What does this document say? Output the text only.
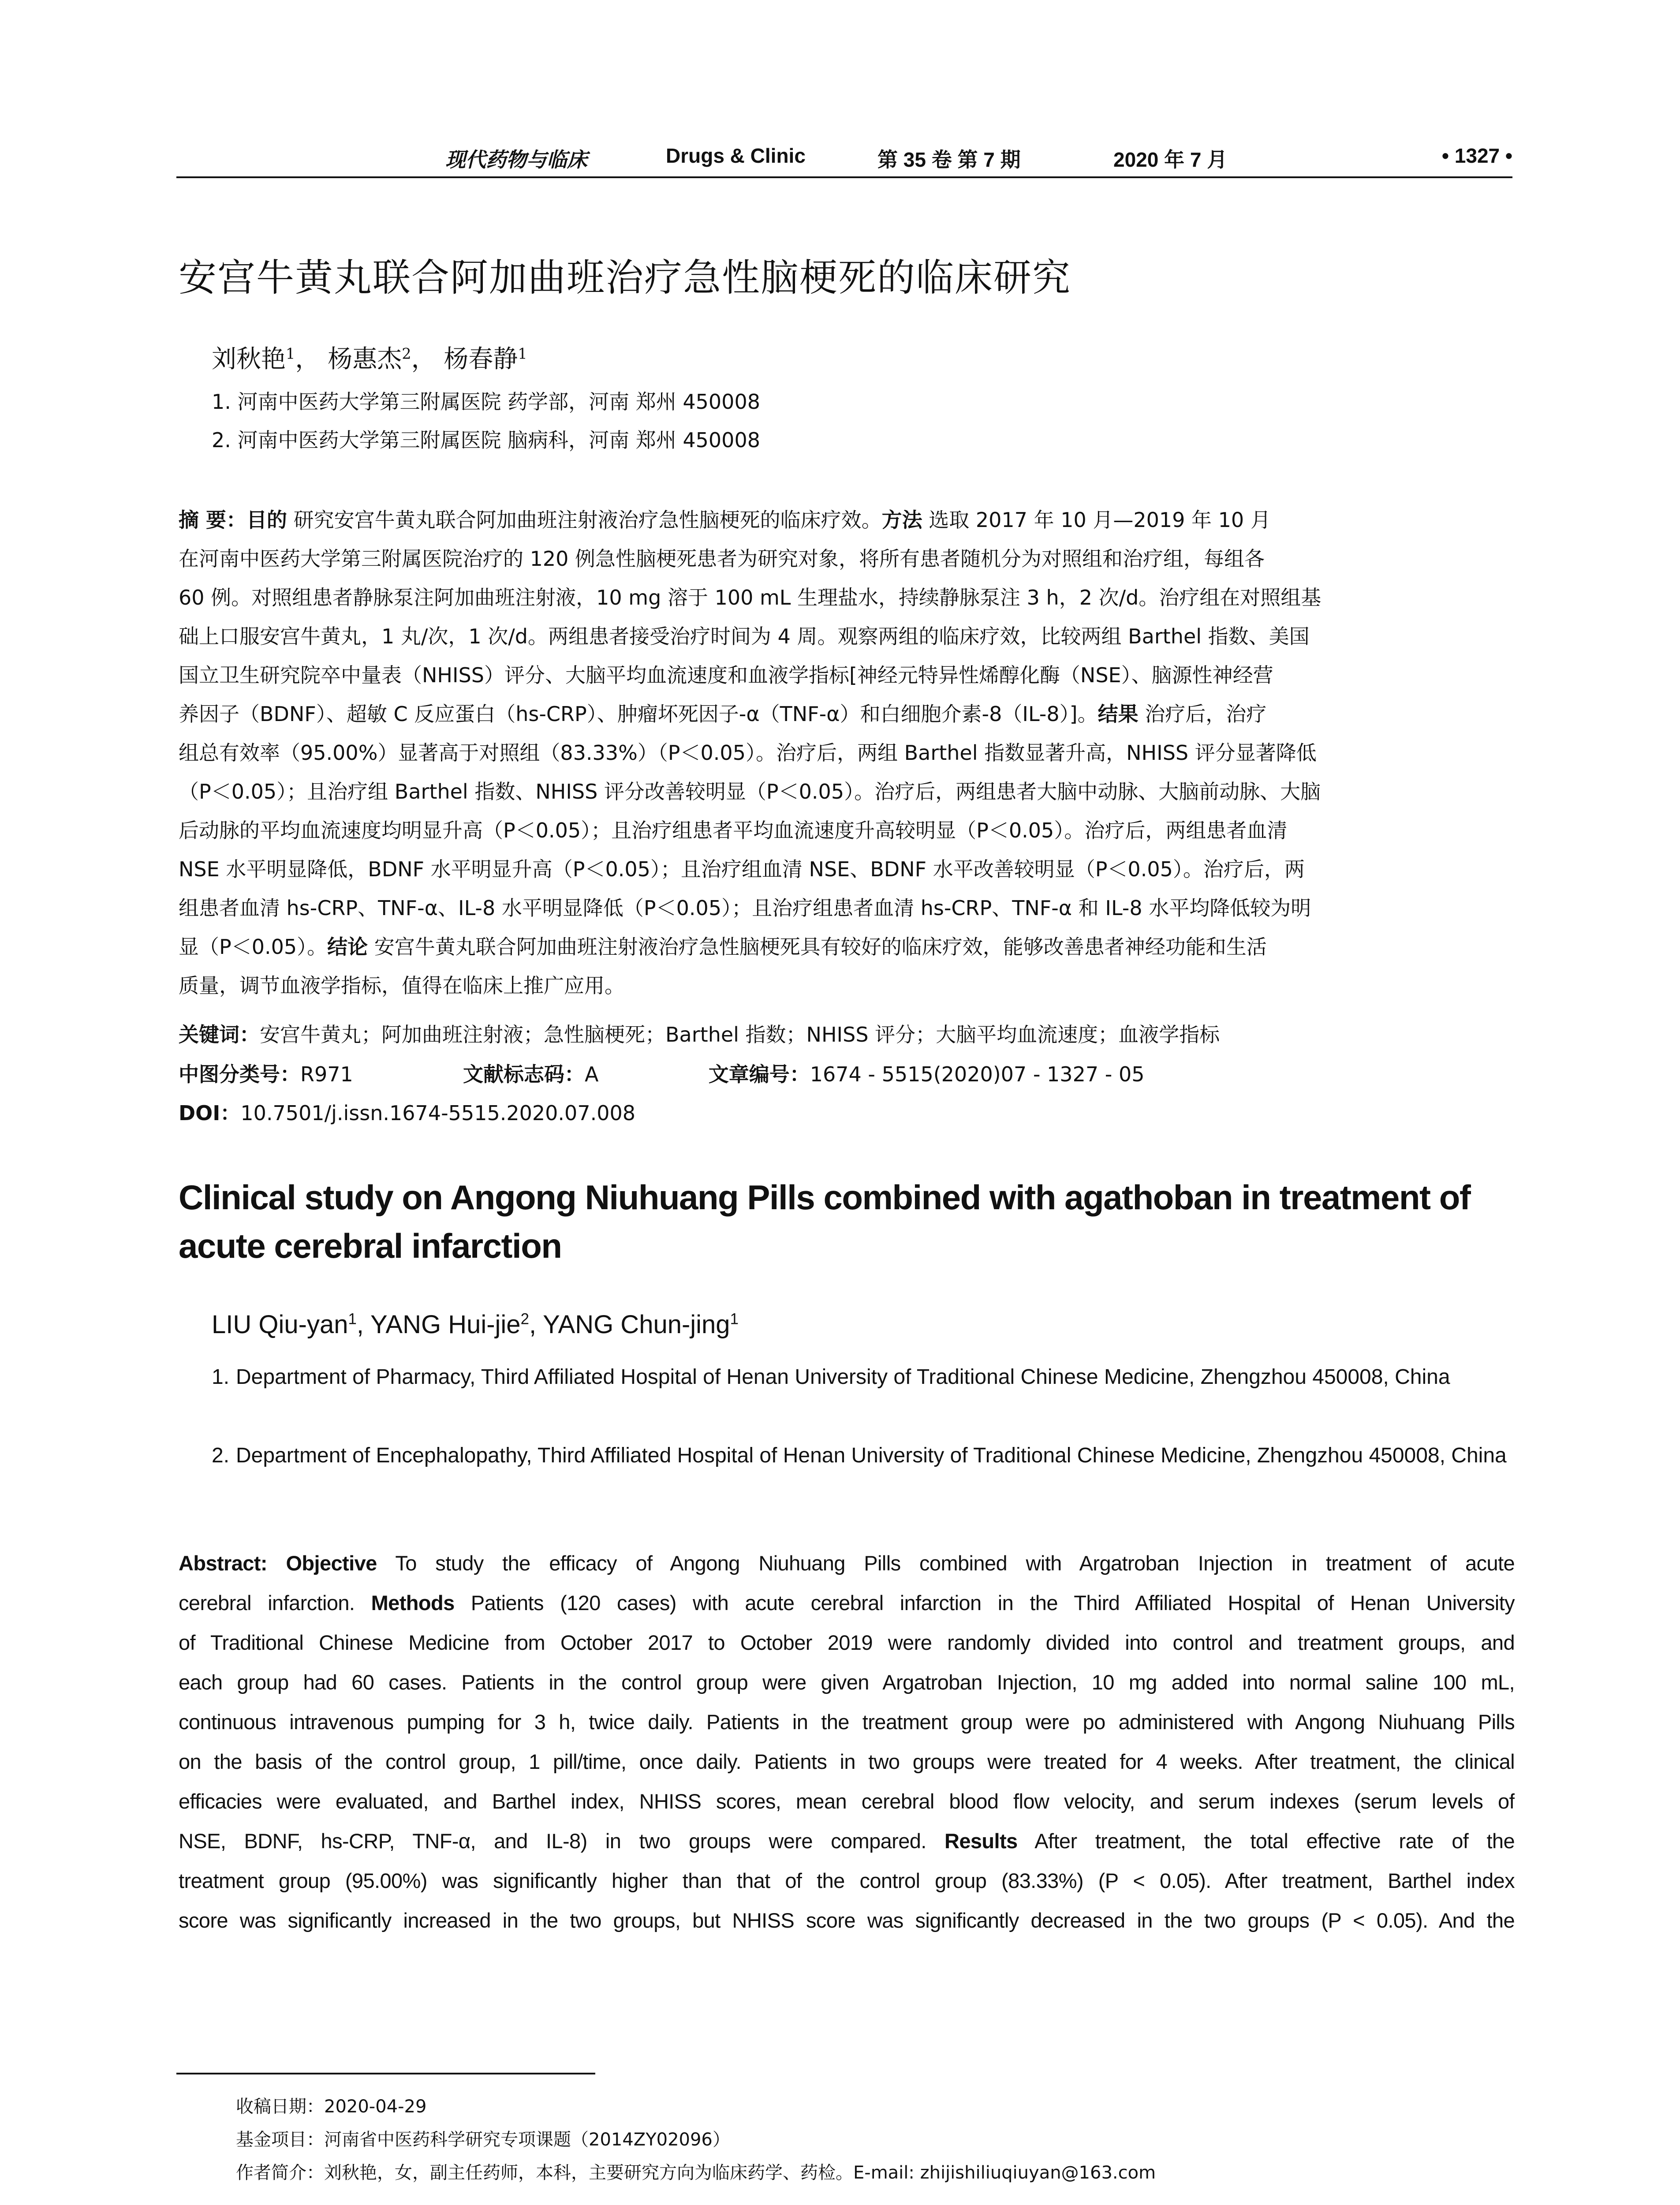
现代药物与临床	Drugs & Clinic	第 35 卷 第 7 期	2020 年 7 月	• 1327 •
安宫牛黄丸联合阿加曲班治疗急性脑梗死的临床研究
刘秋艳$^1$， 杨惠杰$^2$， 杨春静$^1$
1. 河南中医药大学第三附属医院 药学部，河南 郑州 450008
2. 河南中医药大学第三附属医院 脑病科，河南 郑州 450008
摘 要：目的 研究安宫牛黄丸联合阿加曲班注射液治疗急性脑梗死的临床疗效。方法 选取 2017 年 10 月—2019 年 10 月
在河南中医药大学第三附属医院治疗的 120 例急性脑梗死患者为研究对象，将所有患者随机分为对照组和治疗组，每组各
60 例。对照组患者静脉泵注阿加曲班注射液，10 mg 溶于 100 mL 生理盐水，持续静脉泵注 3 h，2 次/d。治疗组在对照组基
础上口服安宫牛黄丸，1 丸/次，1 次/d。两组患者接受治疗时间为 4 周。观察两组的临床疗效，比较两组 Barthel 指数、美国
国立卫生研究院卒中量表（NHISS）评分、大脑平均血流速度和血液学指标[神经元特异性烯醇化酶（NSE）、脑源性神经营
养因子（BDNF）、超敏 C 反应蛋白（hs-CRP）、肿瘤坏死因子-α（TNF-α）和白细胞介素-8（IL-8）]。结果 治疗后，治疗
组总有效率（95.00%）显著高于对照组（83.33%）（P＜0.05）。治疗后，两组 Barthel 指数显著升高，NHISS 评分显著降低
（P＜0.05）；且治疗组 Barthel 指数、NHISS 评分改善较明显（P＜0.05）。治疗后，两组患者大脑中动脉、大脑前动脉、大脑
后动脉的平均血流速度均明显升高（P＜0.05）；且治疗组患者平均血流速度升高较明显（P＜0.05）。治疗后，两组患者血清
NSE 水平明显降低，BDNF 水平明显升高（P＜0.05）；且治疗组血清 NSE、BDNF 水平改善较明显（P＜0.05）。治疗后，两
组患者血清 hs-CRP、TNF-α、IL-8 水平明显降低（P＜0.05）；且治疗组患者血清 hs-CRP、TNF-α 和 IL-8 水平均降低较为明
显（P＜0.05）。结论 安宫牛黄丸联合阿加曲班注射液治疗急性脑梗死具有较好的临床疗效，能够改善患者神经功能和生活
质量，调节血液学指标，值得在临床上推广应用。
关键词：安宫牛黄丸；阿加曲班注射液；急性脑梗死；Barthel 指数；NHISS 评分；大脑平均血流速度；血液学指标
中图分类号：R971	文献标志码：A	文章编号：1674 - 5515(2020)07 - 1327 - 05
DOI：10.7501/j.issn.1674-5515.2020.07.008
Clinical study on Angong Niuhuang Pills combined with agathoban in treatment of acute cerebral infarction
LIU Qiu-yan$^1$, YANG Hui-jie$^2$, YANG Chun-jing$^1$
1. Department of Pharmacy, Third Affiliated Hospital of Henan University of Traditional Chinese Medicine, Zhengzhou 450008, China
2. Department of Encephalopathy, Third Affiliated Hospital of Henan University of Traditional Chinese Medicine, Zhengzhou 450008, China
Abstract: Objective To study the efficacy of Angong Niuhuang Pills combined with Argatroban Injection in treatment of acute
cerebral infarction. Methods Patients (120 cases) with acute cerebral infarction in the Third Affiliated Hospital of Henan University
of Traditional Chinese Medicine from October 2017 to October 2019 were randomly divided into control and treatment groups, and
each group had 60 cases. Patients in the control group were given Argatroban Injection, 10 mg added into normal saline 100 mL,
continuous intravenous pumping for 3 h, twice daily. Patients in the treatment group were po administered with Angong Niuhuang Pills
on the basis of the control group, 1 pill/time, once daily. Patients in two groups were treated for 4 weeks. After treatment, the clinical
efficacies were evaluated, and Barthel index, NHISS scores, mean cerebral blood flow velocity, and serum indexes (serum levels of
NSE, BDNF, hs-CRP, TNF-α, and IL-8) in two groups were compared. Results After treatment, the total effective rate of the
treatment group (95.00%) was significantly higher than that of the control group (83.33%) (P < 0.05). After treatment, Barthel index
score was significantly increased in the two groups, but NHISS score was significantly decreased in the two groups (P < 0.05). And the
收稿日期：2020-04-29
基金项目：河南省中医药科学研究专项课题（2014ZY02096）
作者简介：刘秋艳，女，副主任药师，本科，主要研究方向为临床药学、药检。E-mail: zhijishiliuqiuyan@163.com
